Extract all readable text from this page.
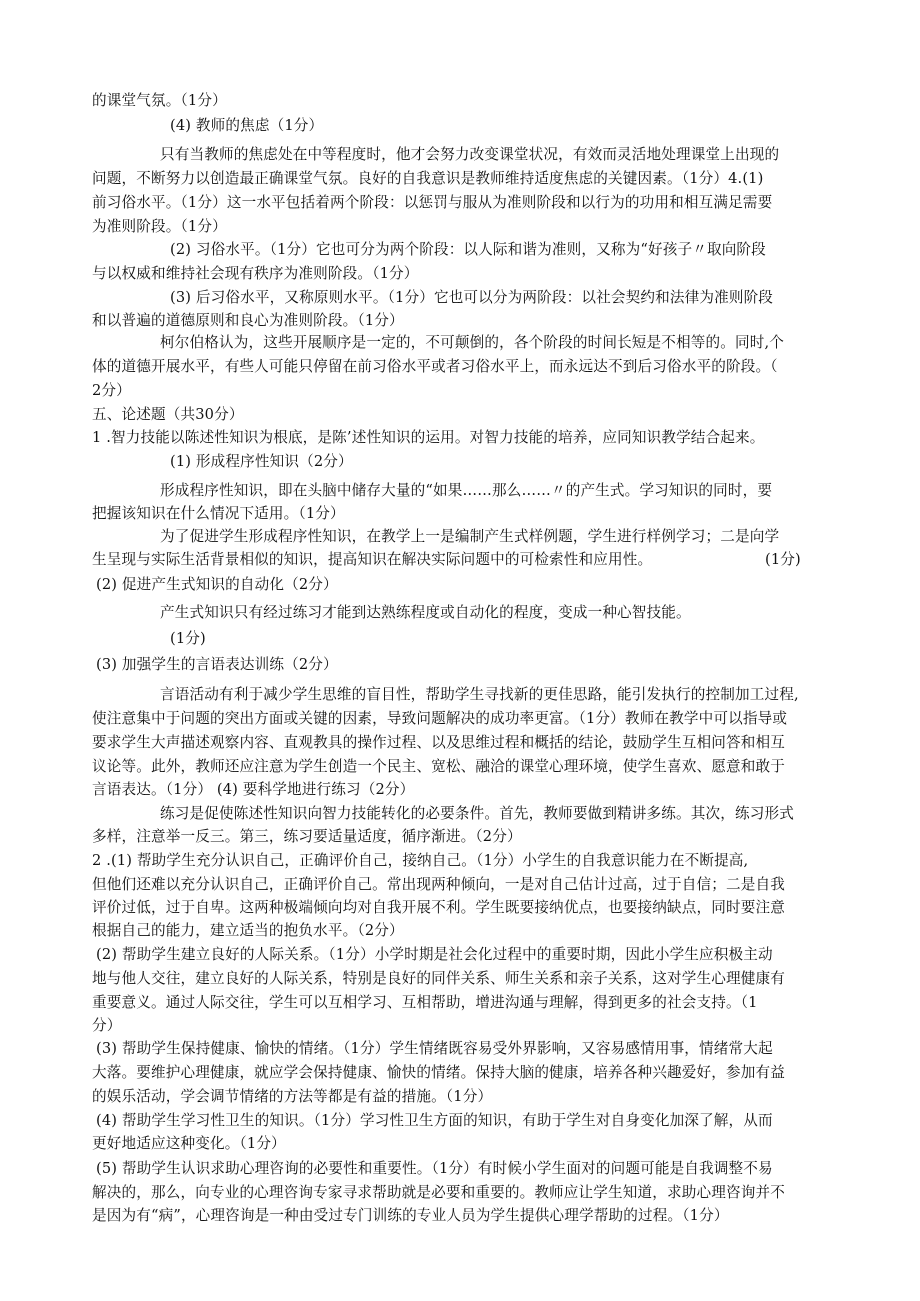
的课堂气氛。（1分）

(4) 教师的焦虑（1分）

只有当教师的焦虑处在中等程度时，他才会努力改变课堂状况，有效而灵活地处理课堂上出现的

问题，不断努力以创造最正确课堂气氛。良好的自我意识是教师维持适度焦虑的关键因素。（1分）4.(1)

前习俗水平。（1分）这一水平包括着两个阶段：以惩罚与服从为准则阶段和以行为的功用和相互满足需要

为准则阶段。（1分）

(2) 习俗水平。（1分）它也可分为两个阶段：以人际和谐为准则，又称为“好孩子〃取向阶段

与以权威和维持社会现有秩序为准则阶段。（1分）

(3) 后习俗水平，又称原则水平。（1分）它也可以分为两阶段：以社会契约和法律为准则阶段

和以普遍的道德原则和良心为准则阶段。（1分）

柯尔伯格认为，这些开展顺序是一定的，不可颠倒的，各个阶段的时间长短是不相等的。同时,个

体的道德开展水平，有些人可能只停留在前习俗水平或者习俗水平上，而永远达不到后习俗水平的阶段。（

2分）

五、论述题（共30分）

1 .智力技能以陈述性知识为根底，是陈’述性知识的运用。对智力技能的培养，应同知识教学结合起来。

(1) 形成程序性知识（2分）

形成程序性知识，即在头脑中储存大量的“如果……那么……〃的产生式。学习知识的同时，要

把握该知识在什么情况下适用。（1分）

为了促进学生形成程序性知识，在教学上一是编制产生式样例题，学生进行样例学习；二是向学

生呈现与实际生活背景相似的知识，提高知识在解决实际问题中的可检索性和应用性。	(1分)

(2) 促进产生式知识的自动化（2分）

产生式知识只有经过练习才能到达熟练程度或自动化的程度，变成一种心智技能。

(1分)

(3) 加强学生的言语表达训练（2分）

言语活动有利于减少学生思维的盲目性，帮助学生寻找新的更佳思路，能引发执行的控制加工过程,

使注意集中于问题的突出方面或关键的因素，导致问题解决的成功率更富。（1分）教师在教学中可以指导或

要求学生大声描述观察内容、直观教具的操作过程、以及思维过程和概括的结论，鼓励学生互相问答和相互

议论等。此外，教师还应注意为学生创造一个民主、宽松、融洽的课堂心理环境，使学生喜欢、愿意和敢于

言语表达。（1分） (4) 要科学地进行练习（2分）

练习是促使陈述性知识向智力技能转化的必要条件。首先，教师要做到精讲多练。其次，练习形式

多样，注意举一反三。第三，练习要适量适度，循序渐进。（2分）

2 .(1) 帮助学生充分认识自己，正确评价自己，接纳自己。（1分）小学生的自我意识能力在不断提高,

但他们还难以充分认识自己，正确评价自己。常出现两种倾向，一是对自己估计过高，过于自信；二是自我

评价过低，过于自卑。这两种极端倾向均对自我开展不利。学生既要接纳优点，也要接纳缺点，同时要注意

根据自己的能力，建立适当的抱负水平。（2分）

(2) 帮助学生建立良好的人际关系。（1分）小学时期是社会化过程中的重要时期，因此小学生应积极主动

地与他人交往，建立良好的人际关系，特别是良好的同伴关系、师生关系和亲子关系，这对学生心理健康有

重要意义。通过人际交往，学生可以互相学习、互相帮助，增进沟通与理解，得到更多的社会支持。（1

分）

(3) 帮助学生保持健康、愉快的情绪。（1分）学生情绪既容易受外界影响，又容易感情用事，情绪常大起

大落。要维护心理健康，就应学会保持健康、愉快的情绪。保持大脑的健康，培养各种兴趣爱好，参加有益

的娱乐活动，学会调节情绪的方法等都是有益的措施。（1分）

(4) 帮助学生学习性卫生的知识。（1分）学习性卫生方面的知识，有助于学生对自身变化加深了解，从而

更好地适应这种变化。（1分）

(5) 帮助学生认识求助心理咨询的必要性和重要性。（1分）有时候小学生面对的问题可能是自我调整不易

解决的，那么，向专业的心理咨询专家寻求帮助就是必要和重要的。教师应让学生知道，求助心理咨询并不

是因为有“病”，心理咨询是一种由受过专门训练的专业人员为学生提供心理学帮助的过程。（1分）
